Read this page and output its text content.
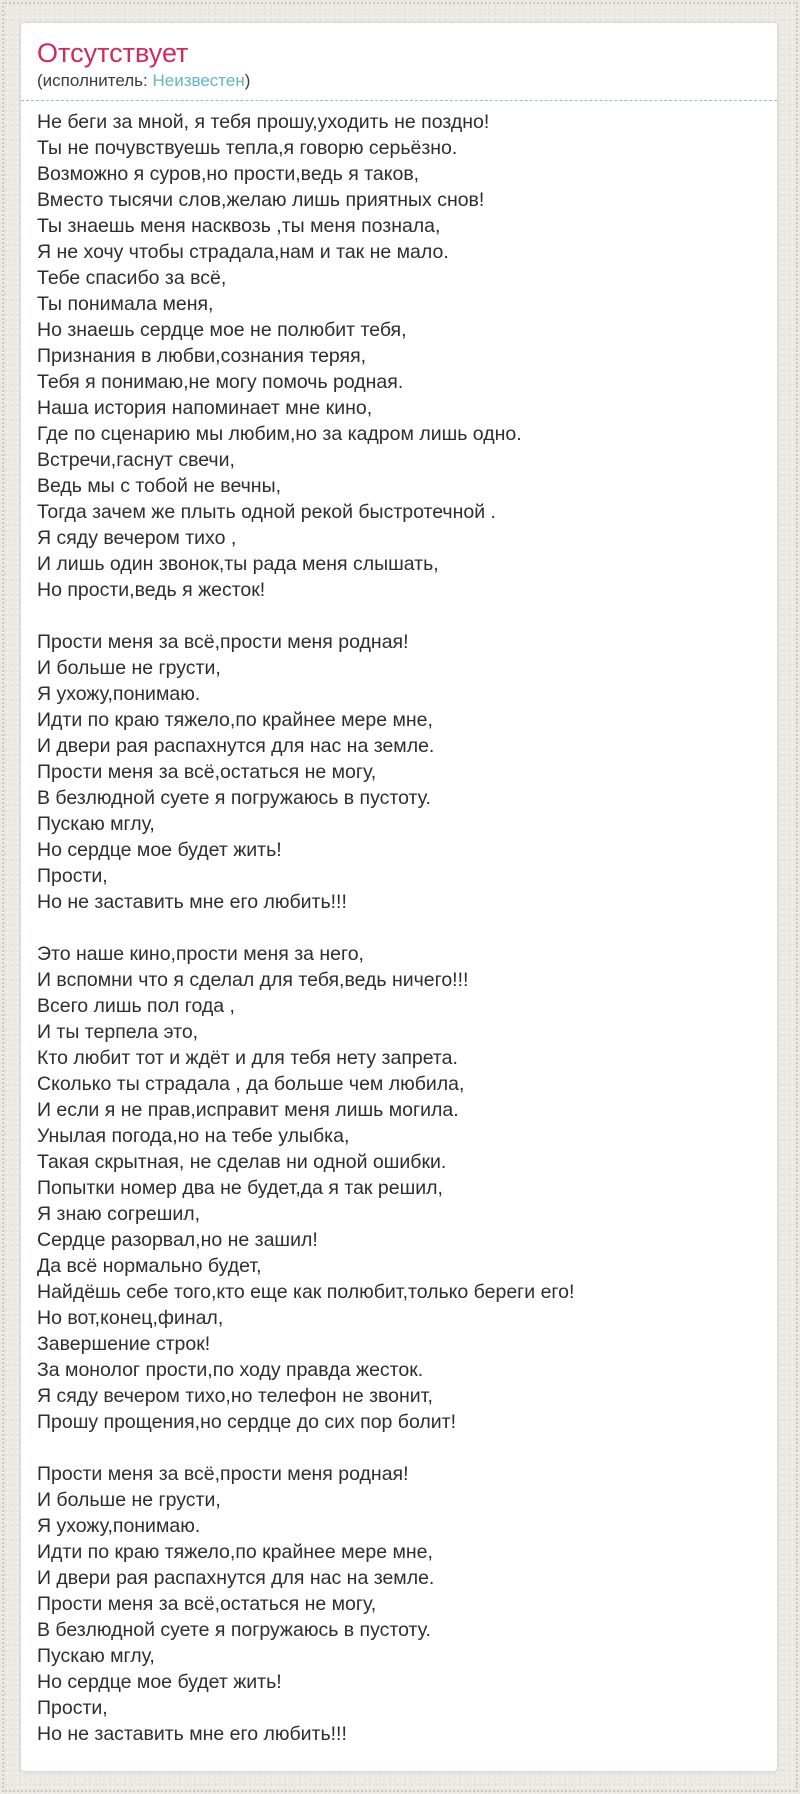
Отсутствует
(исполнитель: Неизвестен)
Не беги за мной, я тебя прошу,уходить не поздно!
Ты не почувствуешь тепла,я говорю серьёзно.
Возможно я суров,но прости,ведь я таков,
Вместо тысячи слов,желаю лишь приятных снов!
Ты знаешь меня насквозь ,ты меня познала,
Я не хочу чтобы страдала,нам и так не мало.
Тебе спасибо за всё,
Ты понимала меня,
Но знаешь сердце мое не полюбит тебя,
Признания в любви,сознания теряя,
Тебя я понимаю,не могу помочь родная.
Наша история напоминает мне кино,
Где по сценарию мы любим,но за кадром лишь одно.
Встречи,гаснут свечи,
Ведь мы с тобой не вечны,
Тогда зачем же плыть одной рекой быстротечной .
Я сяду вечером тихо ,
И лишь один звонок,ты рада меня слышать,
Но прости,ведь я жесток!

Прости меня за всё,прости меня родная!
И больше не грусти,
Я ухожу,понимаю.
Идти по краю тяжело,по крайнее мере мне,
И двери рая распахнутся для нас на земле.
Прости меня за всё,остаться не могу,
В безлюдной суете я погружаюсь в пустоту.
Пускаю мглу,
Но сердце мое будет жить!
Прости,
Но не заставить мне его любить!!!

Это наше кино,прости меня за него,
И вспомни что я сделал для тебя,ведь ничего!!!
Всего лишь пол года ,
И ты терпела это,
Кто любит тот и ждёт и для тебя нету запрета.
Сколько ты страдала , да больше чем любила,
И если я не прав,исправит меня лишь могила.
Унылая погода,но на тебе улыбка,
Такая скрытная, не сделав ни одной ошибки.
Попытки номер два не будет,да я так решил,
Я знаю согрешил,
Сердце разорвал,но не зашил!
Да всё нормально будет,
Найдёшь себе того,кто еще как полюбит,только береги его!
Но вот,конец,финал,
Завершение строк!
За монолог прости,по ходу правда жесток.
Я сяду вечером тихо,но телефон не звонит,
Прошу прощения,но сердце до сих пор болит!

Прости меня за всё,прости меня родная!
И больше не грусти,
Я ухожу,понимаю.
Идти по краю тяжело,по крайнее мере мне,
И двери рая распахнутся для нас на земле.
Прости меня за всё,остаться не могу,
В безлюдной суете я погружаюсь в пустоту.
Пускаю мглу,
Но сердце мое будет жить!
Прости,
Но не заставить мне его любить!!!
